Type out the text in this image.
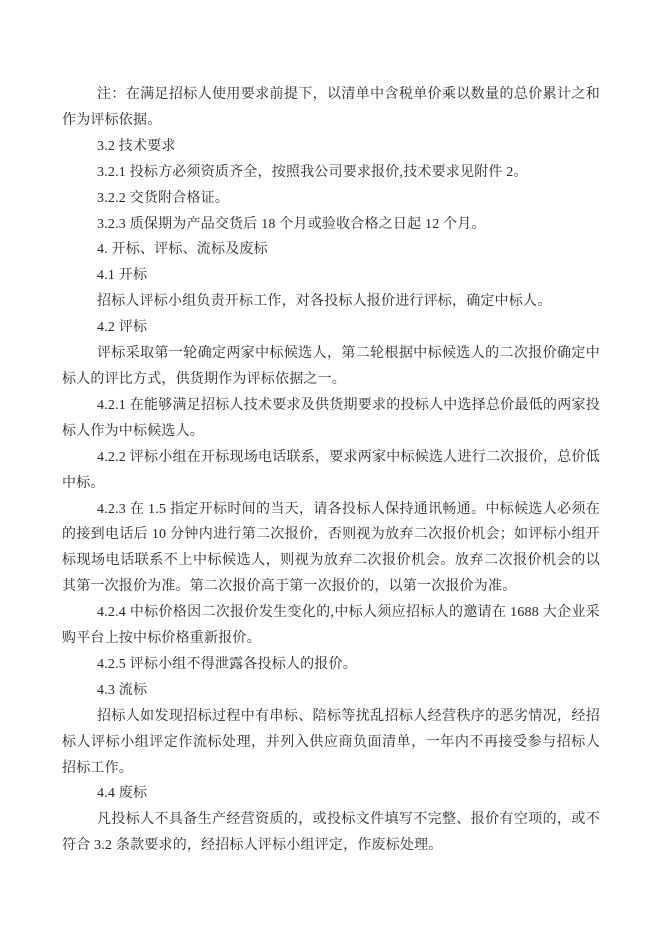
注：在满足招标人使用要求前提下，以清单中含税单价乘以数量的总价累计之和作为评标依据。

3.2 技术要求

3.2.1 投标方必须资质齐全，按照我公司要求报价,技术要求见附件 2。

3.2.2 交货附合格证。

3.2.3 质保期为产品交货后 18 个月或验收合格之日起 12 个月。

4. 开标、评标、流标及废标

4.1 开标

招标人评标小组负责开标工作，对各投标人报价进行评标，确定中标人。

4.2 评标

评标采取第一轮确定两家中标候选人，第二轮根据中标候选人的二次报价确定中标人的评比方式，供货期作为评标依据之一。

4.2.1 在能够满足招标人技术要求及供货期要求的投标人中选择总价最低的两家投标人作为中标候选人。

4.2.2 评标小组在开标现场电话联系，要求两家中标候选人进行二次报价，总价低中标。

4.2.3 在 1.5 指定开标时间的当天，请各投标人保持通讯畅通。中标候选人必须在的接到电话后 10 分钟内进行第二次报价，否则视为放弃二次报价机会；如评标小组开标现场电话联系不上中标候选人，则视为放弃二次报价机会。放弃二次报价机会的以其第一次报价为准。第二次报价高于第一次报价的，以第一次报价为准。

4.2.4 中标价格因二次报价发生变化的,中标人须应招标人的邀请在 1688 大企业采购平台上按中标价格重新报价。

4.2.5 评标小组不得泄露各投标人的报价。

4.3 流标

招标人如发现招标过程中有串标、陪标等扰乱招标人经营秩序的恶劣情况，经招标人评标小组评定作流标处理，并列入供应商负面清单，一年内不再接受参与招标人招标工作。

4.4 废标

凡投标人不具备生产经营资质的，或投标文件填写不完整、报价有空项的，或不符合 3.2 条款要求的，经招标人评标小组评定，作废标处理。
